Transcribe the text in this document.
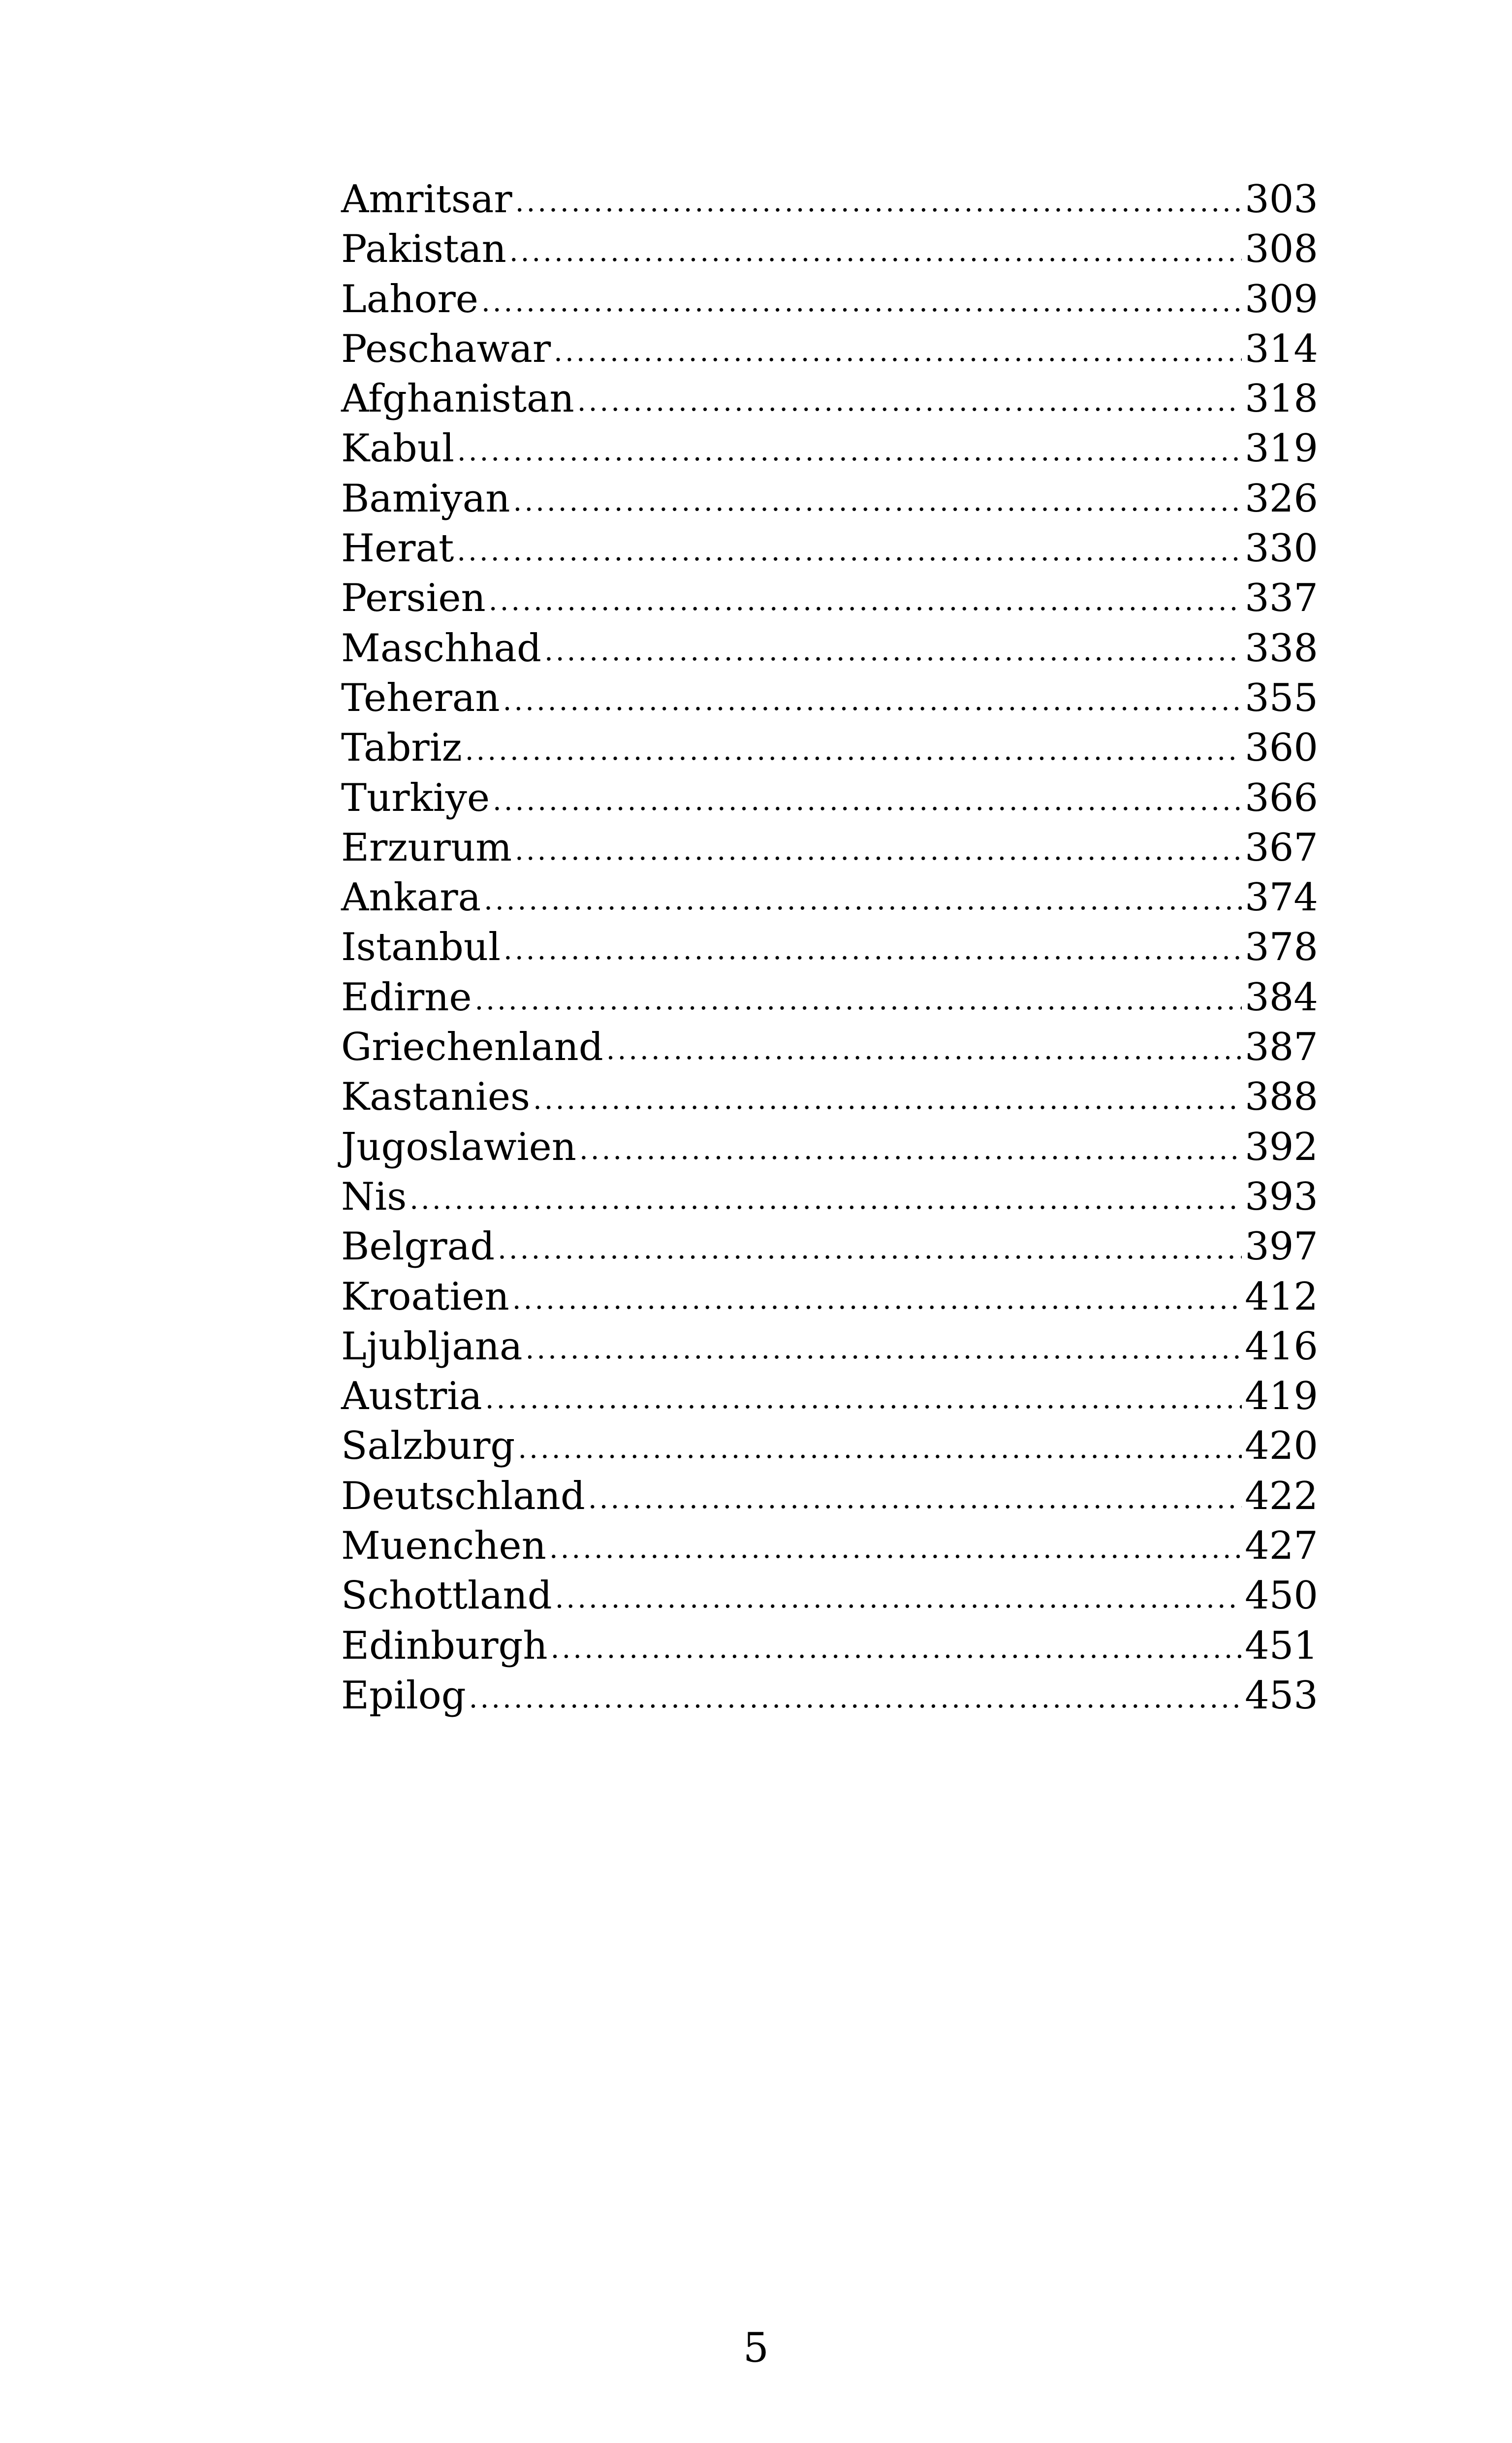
Amritsar .....	303
Pakistan .....	308
Lahore .....	309
Peschawar .....	314
Afghanistan .....	318
Kabul .....	319
Bamiyan .....	326
Herat .....	330
Persien .....	337
Maschhad .....	338
Teheran .....	355
Tabriz .....	360
Turkiye .....	366
Erzurum .....	367
Ankara .....	374
Istanbul .....	378
Edirne .....	384
Griechenland .....	387
Kastanies .....	388
Jugoslawien .....	392
Nis .....	393
Belgrad .....	397
Kroatien .....	412
Ljubljana .....	416
Austria .....	419
Salzburg .....	420
Deutschland .....	422
Muenchen .....	427
Schottland .....	450
Edinburgh .....	451
Epilog .....	453
5
